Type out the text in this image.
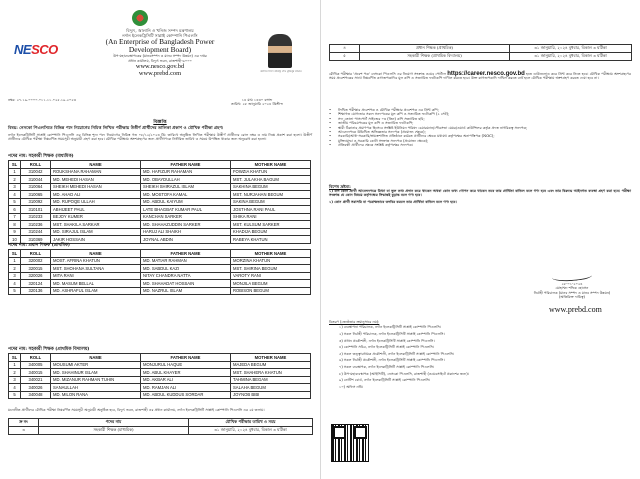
NESCO
বিদ্যুৎ, জ্বালানি ও খনিজ সম্পদ মন্ত্রণালয়
নর্দান ইলেকট্রিসিটি সাপ্লাই কোম্পানি পিএলসি
(An Enterprise of Bangladesh Power
Development Board)
উপ-মহাব্যবস্থাপকের (মানবসম্পদ ও মানব সম্পদ উন্নয়ন) এর দপ্তর
প্রধান কার্যালয়, বিদ্যুৎ ভবন, রাজশাহী-৬০০০
www.nesco.gov.bd
www.prebd.com	জাতির পিতা বঙ্গবন্ধু শেখ মুজিবুর রহমান
নম্বর: ২৭.১৯.০০০০.০১১.১১.০২৫.১৯.২০২৩	১৪ মাঘ ১৪৩০ বঙ্গাব্দ
তারিখ: ২৮ জানুয়ারি ২০২৪ খ্রিস্টাব্দ
বিজ্ঞপ্তি
বিষয়: নেসকো পিএলসিতে বিভিন্ন পদে নিয়োগের নিমিত্ত লিখিত পরীক্ষায় উত্তীর্ণ প্রার্থীদের তালিকা প্রকাশ ও মৌখিক পরীক্ষা গ্রহণ।
নর্দান ইলেকট্রিসিটি সাপ্লাই কোম্পানি পিএলসি এর বিভিন্ন শূন্য পদে নিয়োগের নিমিত্ত গত ০৮/১২/২০২৩ খ্রি: তারিখে অনুষ্ঠিত লিখিত পরীক্ষায় উত্তীর্ণ প্রার্থীদের রোল নম্বর ও নাম নিম্নে প্রকাশ করা হলো। উত্তীর্ণ প্রার্থীদের মৌখিক পরীক্ষা নিম্নবর্ণিত সময়সূচী অনুযায়ী গ্রহণ করা হবে। মৌখিক পরীক্ষায় অংশগ্রহণের জন্য প্রার্থীগণকে নির্ধারিত তারিখ ও সময়ে উপস্থিত থাকার জন্য অনুরোধ করা হলো।
পদের নাম: সহকারী শিক্ষক (মাধ্যমিক)
SL	ROLL	NAME	FATHER NAME	MOTHER NAME
1	310042	ROUKSHANA RAHAMAN	MD. HAFIZUR RAHAMAN	FOWZIA KHATUN
2	310044	MD. MEHEDI HASAN	MD. OBAYDULLAH	MST. JULAKHA BAGUM
3	310064	SHEIKH MEHEDI HASAN	SHEIKH SHIRAZUL ISLAM	SAKHINA BEGUM
4	310065	MD. AHAD ALI	MD. MOSTOFA KAMAL	MST. NURJAHAN BEGUM
5	310092	MD. RUPOQE ULLAH	MD. ABDUL KAIYUM	SAKINA BEGUM
6	310101	ABHIJEET PAUL	LATE BHAGBAT KUMAR PAUL	JOSTHNA RANI PAUL
7	310233	BEJOY KUMER	KANCHAN SARKER	SHIKA RANI
8	310236	MST. SHAKILA SARKAR	MD. SHAHAZUDDIN SARKER	MST. KULSUM SARKER
9	310244	MD. SIRAJUL ISLAM	HARUJ ALI SHAIKH	KHADIJA BEGUM
10	310369	JAKIR HOSSAIN	JOYNAL ABDIN	RABEYA KHATUN
পদের নাম: প্রধান শিক্ষক (প্রাথমিক)
SL	ROLL	NAME	FATHER NAME	MOTHER NAME
1	320002	MOST. AFRINA KHATUN	MD. MATIAR RAHMAN	MORZINA KHATUN
2	320015	MST. SHOHANA SULTANA	MD. SABDUL KAZI	MST. SHIRINA BEGUM
3	320026	MITA RANI	NITAY CHANDRA NATTA	VAROTY RANI
4	320124	MD. MASUM BELLAL	MD. SHAHADAT HOSSAIN	MONJILA BEGUM
5	320136	MD. ASHRAFUL ISLAM	MD. NAZRUL ISLAM	ROBISON BEGUM
পদের নাম: সহকারী শিক্ষক (প্রাথমিক বিদ্যালয়)
SL	ROLL	NAME	FATHER NAME	MOTHER NAME
1	340005	MOUSUMI AKTER	MONJURUL HAQUE	MAJEDA BEGUM
2	340015	MD. SHAHINUR ISLAM	MD. ABUL KHAYER	MST. SHAHERA KHATUN
3	340021	MD. MIZANUR RAHMAN TUHIN	MD. AKBAR ALI	TAHMINA BEGAM
4	340026	SANAULLAH	MD. RAMJAN ALI	SALAHA BEGUM
5	340048	MD. MILON RANA	MD. ABDUL KUDDUS SORDAR	JOYNOB BIBI
মনোনীত প্রার্থীদের মৌখিক পরীক্ষা নিম্নবর্ণিত সময়সূচী অনুযায়ী অনুষ্ঠিত হবে, বিদ্যুৎ ভবন, রাজশাহী এর প্রধান কার্যালয়, নর্দান ইলেকট্রিসিটি সাপ্লাই কোম্পানি পিএলসি এর ২য় তলায়।
ক্র নং	পদের নাম	মৌখিক পরীক্ষার তারিখ ও সময়
৩	সহকারী শিক্ষক (মাধ্যমিক)	৩১ জানুয়ারি, ২০২৪ বুধবার, বিকাল ৩ ঘটিকা
৪	প্রধান শিক্ষক (প্রাথমিক)	৩১ জানুয়ারি, ২০২৪ বুধবার, বিকাল ৩ ঘটিকা
৫	সহকারী শিক্ষক (প্রাথমিক বিদ্যালয়)	৩১ জানুয়ারি, ২০২৪ বুধবার, বিকাল ৩ ঘটিকা
মৌখিক পরীক্ষার 'প্রবেশ পত্র' নেসকো পিএলসি এর নিয়োগ সংক্রান্ত ওয়েব পোর্টাল https://career.nesco.gov.bd হতে ডাউনলোড করে প্রিন্ট করে নিতে হবে। মৌখিক পরীক্ষায় অংশগ্রহণের সময় প্রবেশপত্রের সাথে নিম্নবর্ণিত কাগজপত্রাদির মূল কপি ও সত্যায়িত ফটোকপি দাখিল করতে হবে। উক্ত কাগজপত্রাদি দাখিল করতে ব্যর্থ হলে মৌখিক পরীক্ষায় অংশগ্রহণ করতে দেয়া হবে না।
•	লিখিত পরীক্ষার প্রবেশপত্র ও মৌখিক পরীক্ষার প্রবেশপত্র এর প্রিন্ট কপি;
•	শিক্ষাগত যোগ্যতার সকল সনদপত্রের মূল কপি ও সত্যায়িত ফটোকপি (২ সেট);
•	সদ্য তোলা পাসপোর্ট সাইজের ০৩ (তিন) কপি সত্যায়িত ছবি;
•	জাতীয় পরিচয়পত্রের মূল কপি ও সত্যায়িত ফটোকপি;
•	স্থায়ী ঠিকানার প্রমাণপত্র হিসেবে সংশ্লিষ্ট ইউনিয়ন পরিষদ চেয়ারম্যান/পৌরসভা মেয়র/ওয়ার্ড কাউন্সিলর কর্তৃক প্রদত্ত নাগরিকত্ব সনদপত্র;
•	আবেদনপত্রে উল্লিখিত অভিজ্ঞতার সনদপত্র (প্রযোজ্য ক্ষেত্রে);
•	সরকারি/আধা-সরকারি/স্বায়ত্তশাসিত প্রতিষ্ঠানে কর্মরত প্রার্থীদের ক্ষেত্রে যথাযথ কর্তৃপক্ষের অনাপত্তিপত্র (NOC);
•	মুক্তিযোদ্ধা ও সরকারি কোটা সংক্রান্ত সনদপত্র (প্রযোজ্য ক্ষেত্রে);
•	প্রতিবন্ধী প্রার্থীদের ক্ষেত্রে সংশ্লিষ্ট কর্তৃপক্ষের সনদপত্র।
বিশেষ দ্রষ্টব্য:
১) যদি কোন প্রার্থী আবেদনপত্রে মিথ্যা বা ভুল তথ্য প্রদান করে থাকেন অথবা কোন তথ্য গোপন করে থাকেন তবে তার প্রার্থিতা বাতিল বলে গণ্য হবে এবং তার বিরুদ্ধে আইনগত ব্যবস্থা গ্রহণ করা হবে। পরীক্ষা সংক্রান্ত যে কোন বিষয়ে কর্তৃপক্ষের সিদ্ধান্তই চূড়ান্ত বলে গণ্য হবে।
২) কোন প্রার্থী সরাসরি বা পরোক্ষভাবে তদবির করলে তার প্রার্থিতা বাতিল বলে গণ্য হবে।
২৮-০১-২০২৪
মোহাম্মদ শফিক হোসেন
নির্বাহী পরিচালক (মানব সম্পদ ও মানব সম্পদ উন্নয়ন)
(অতিরিক্ত দায়িত্ব)
www.prebd.com
বিতরণ (জ্যেষ্ঠতার ক্রমানুসারে নয়):
১) ব্যবস্থাপনা পরিচালক, নর্দান ইলেকট্রিসিটি সাপ্লাই কোম্পানি পিএলসি।
২) সকল নির্বাহী পরিচালক, নর্দান ইলেকট্রিসিটি সাপ্লাই কোম্পানি পিএলসি।
৩) প্রধান প্রকৌশলী, নর্দান ইলেকট্রিসিটি সাপ্লাই কোম্পানি পিএলসি।
৪) কোম্পানি সচিব, নর্দান ইলেকট্রিসিটি সাপ্লাই কোম্পানি পিএলসি।
৫) সকল তত্ত্বাবধায়ক প্রকৌশলী, নর্দান ইলেকট্রিসিটি সাপ্লাই কোম্পানি পিএলসি।
৬) সকল নির্বাহী প্রকৌশলী, নর্দান ইলেকট্রিসিটি সাপ্লাই কোম্পানি পিএলসি।
৭) সকল ব্যবস্থাপক, নর্দান ইলেকট্রিসিটি সাপ্লাই কোম্পানি পিএলসি।
৮) উপ-মহাব্যবস্থাপক (আইসিটি), নেসকো পিএলসি, রাজশাহী (ওয়েবসাইটে প্রকাশের জন্য)।
৯) নোটিশ বোর্ড, নর্দান ইলেকট্রিসিটি সাপ্লাই কোম্পানি পিএলসি।
১০) অফিস নথি।
